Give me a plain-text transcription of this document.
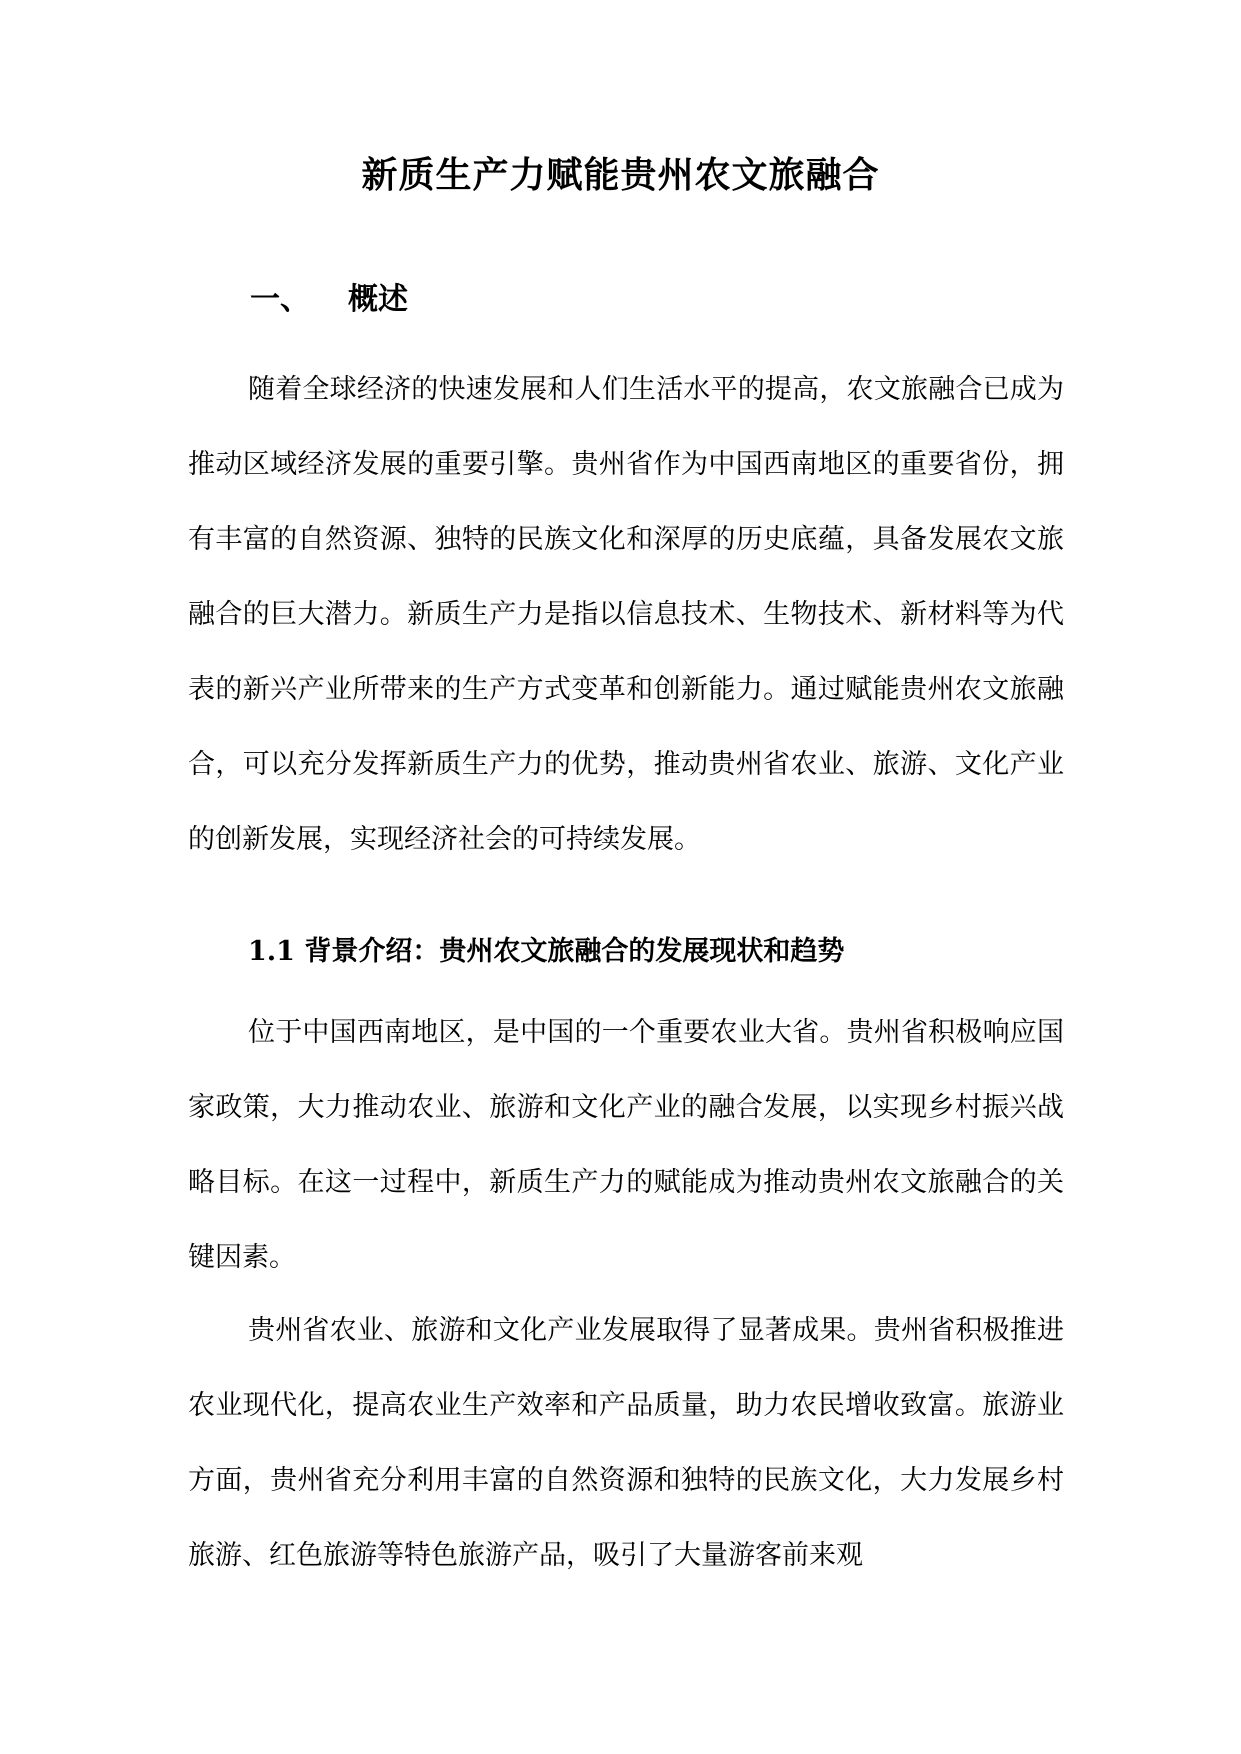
新质生产力赋能贵州农文旅融合
一、 概述

随着全球经济的快速发展和人们生活水平的提高，农文旅融合已成为推动区域经济发展的重要引擎。贵州省作为中国西南地区的重要省份，拥有丰富的自然资源、独特的民族文化和深厚的历史底蕴，具备发展农文旅融合的巨大潜力。新质生产力是指以信息技术、生物技术、新材料等为代表的新兴产业所带来的生产方式变革和创新能力。通过赋能贵州农文旅融合，可以充分发挥新质生产力的优势，推动贵州省农业、旅游、文化产业的创新发展，实现经济社会的可持续发展。

1.1 背景介绍：贵州农文旅融合的发展现状和趋势

位于中国西南地区，是中国的一个重要农业大省。贵州省积极响应国家政策，大力推动农业、旅游和文化产业的融合发展，以实现乡村振兴战略目标。在这一过程中，新质生产力的赋能成为推动贵州农文旅融合的关键因素。

贵州省农业、旅游和文化产业发展取得了显著成果。贵州省积极推进农业现代化，提高农业生产效率和产品质量，助力农民增收致富。旅游业方面，贵州省充分利用丰富的自然资源和独特的民族文化，大力发展乡村旅游、红色旅游等特色旅游产品，吸引了大量游客前来观
